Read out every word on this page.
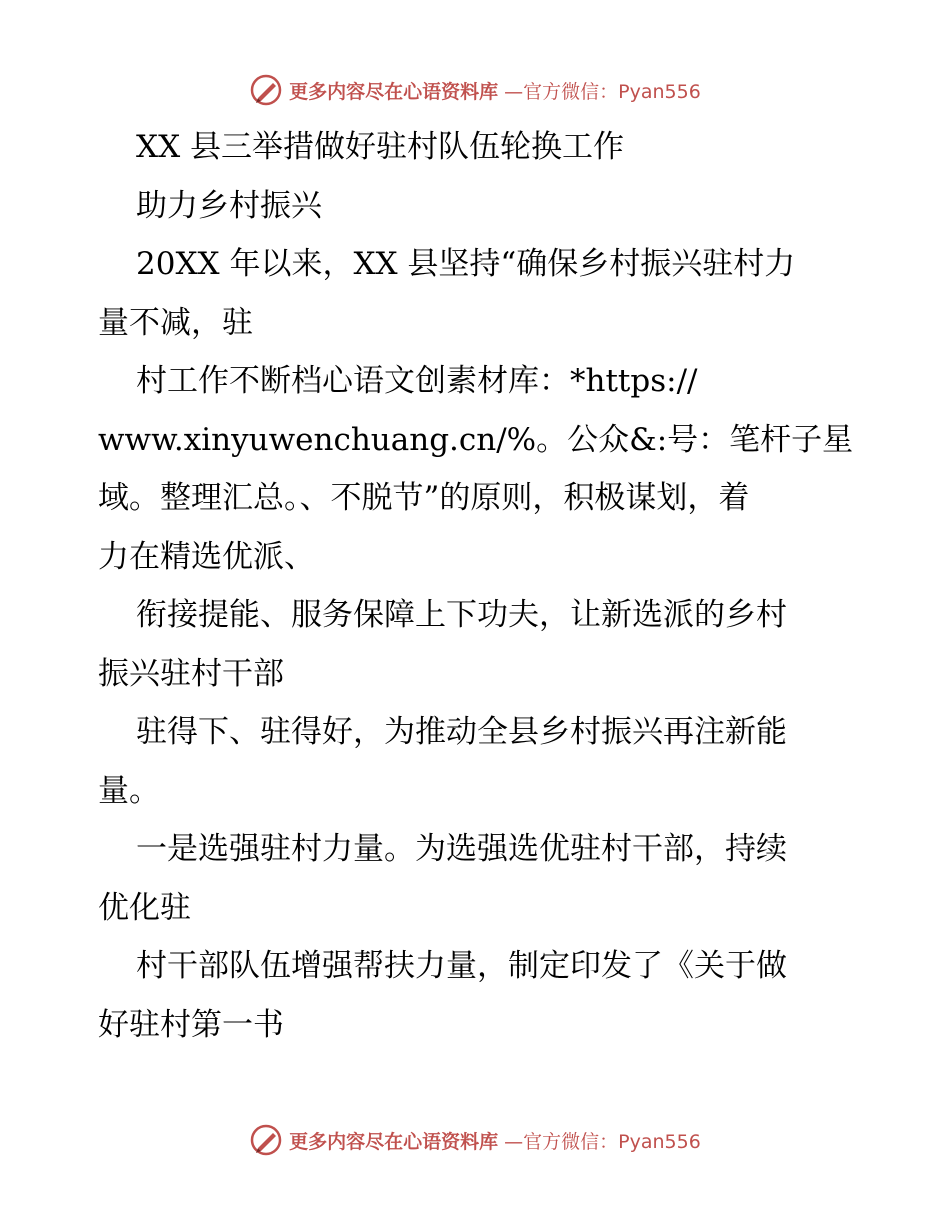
更多内容尽在心语资料库 —官方微信：Pyan556
XX 县三举措做好驻村队伍轮换工作
助力乡村振兴
20XX 年以来，XX 县坚持“确保乡村振兴驻村力
量不减，驻
村工作不断档心语文创素材库：*https://
www.xinyuwenchuang.cn/%。公众&:号：笔杆子星
域。整理汇总。、不脱节”的原则，积极谋划，着
力在精选优派、
衔接提能、服务保障上下功夫，让新选派的乡村
振兴驻村干部
驻得下、驻得好，为推动全县乡村振兴再注新能
量。
一是选强驻村力量。为选强选优驻村干部，持续
优化驻
村干部队伍增强帮扶力量，制定印发了《关于做
好驻村第一书
更多内容尽在心语资料库 —官方微信：Pyan556
